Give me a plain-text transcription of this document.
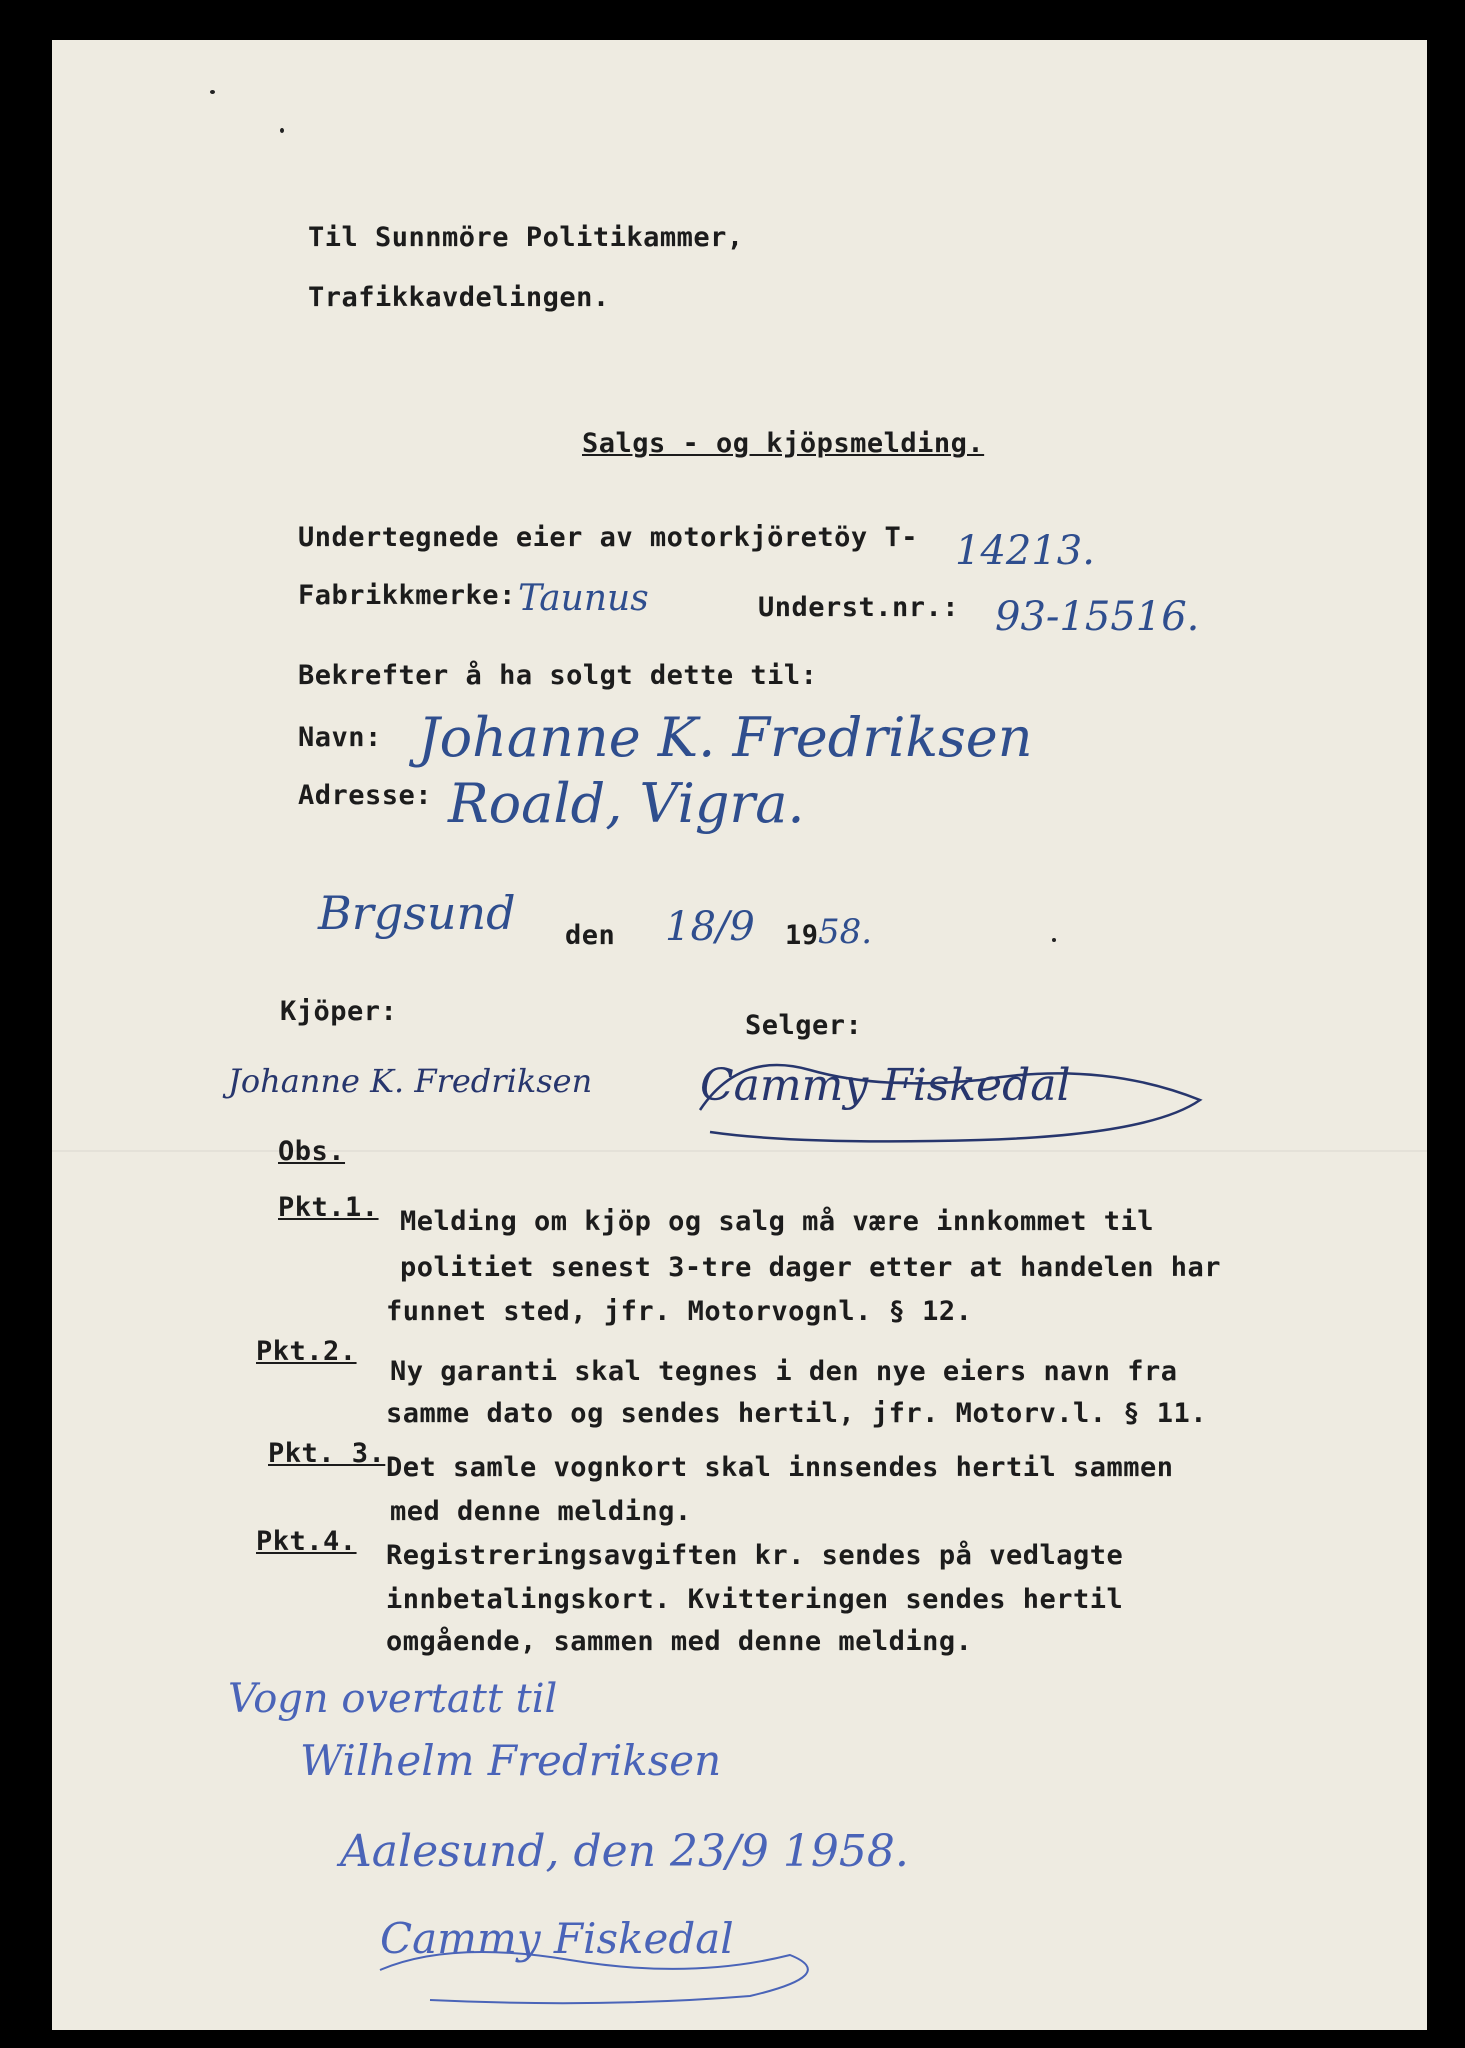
Til Sunnmöre Politikammer,
Trafikkavdelingen.
Salgs - og kjöpsmelding.
Undertegnede eier av motorkjöretöy T- 14213.
Fabrikkmerke: Taunus	Underst.nr.: 93-15516.
Bekrefter å ha solgt dette til:
Navn: Johanne K. Fredriksen
Adresse: Roald, Vigra.
Brgsund den 18/9 19 58.
Kjöper:	Selger:
Johanne K. Fredriksen Cammy Fiskedal
Obs.
Pkt.1. Melding om kjöp og salg må være innkommet til
politiet senest 3-tre dager etter at handelen har
funnet sted, jfr. Motorvognl. § 12.
Pkt.2.
Ny garanti skal tegnes i den nye eiers navn fra
samme dato og sendes hertil, jfr. Motorv.l. § 11.
Pkt. 3. Det samle vognkort skal innsendes hertil sammen
med denne melding.
Pkt.4. Registreringsavgiften kr. sendes på vedlagte
innbetalingskort. Kvitteringen sendes hertil
omgående, sammen med denne melding.
Vogn overtatt til
Wilhelm Fredriksen
Aalesund, den 23/9 1958.
Cammy Fiskedal
